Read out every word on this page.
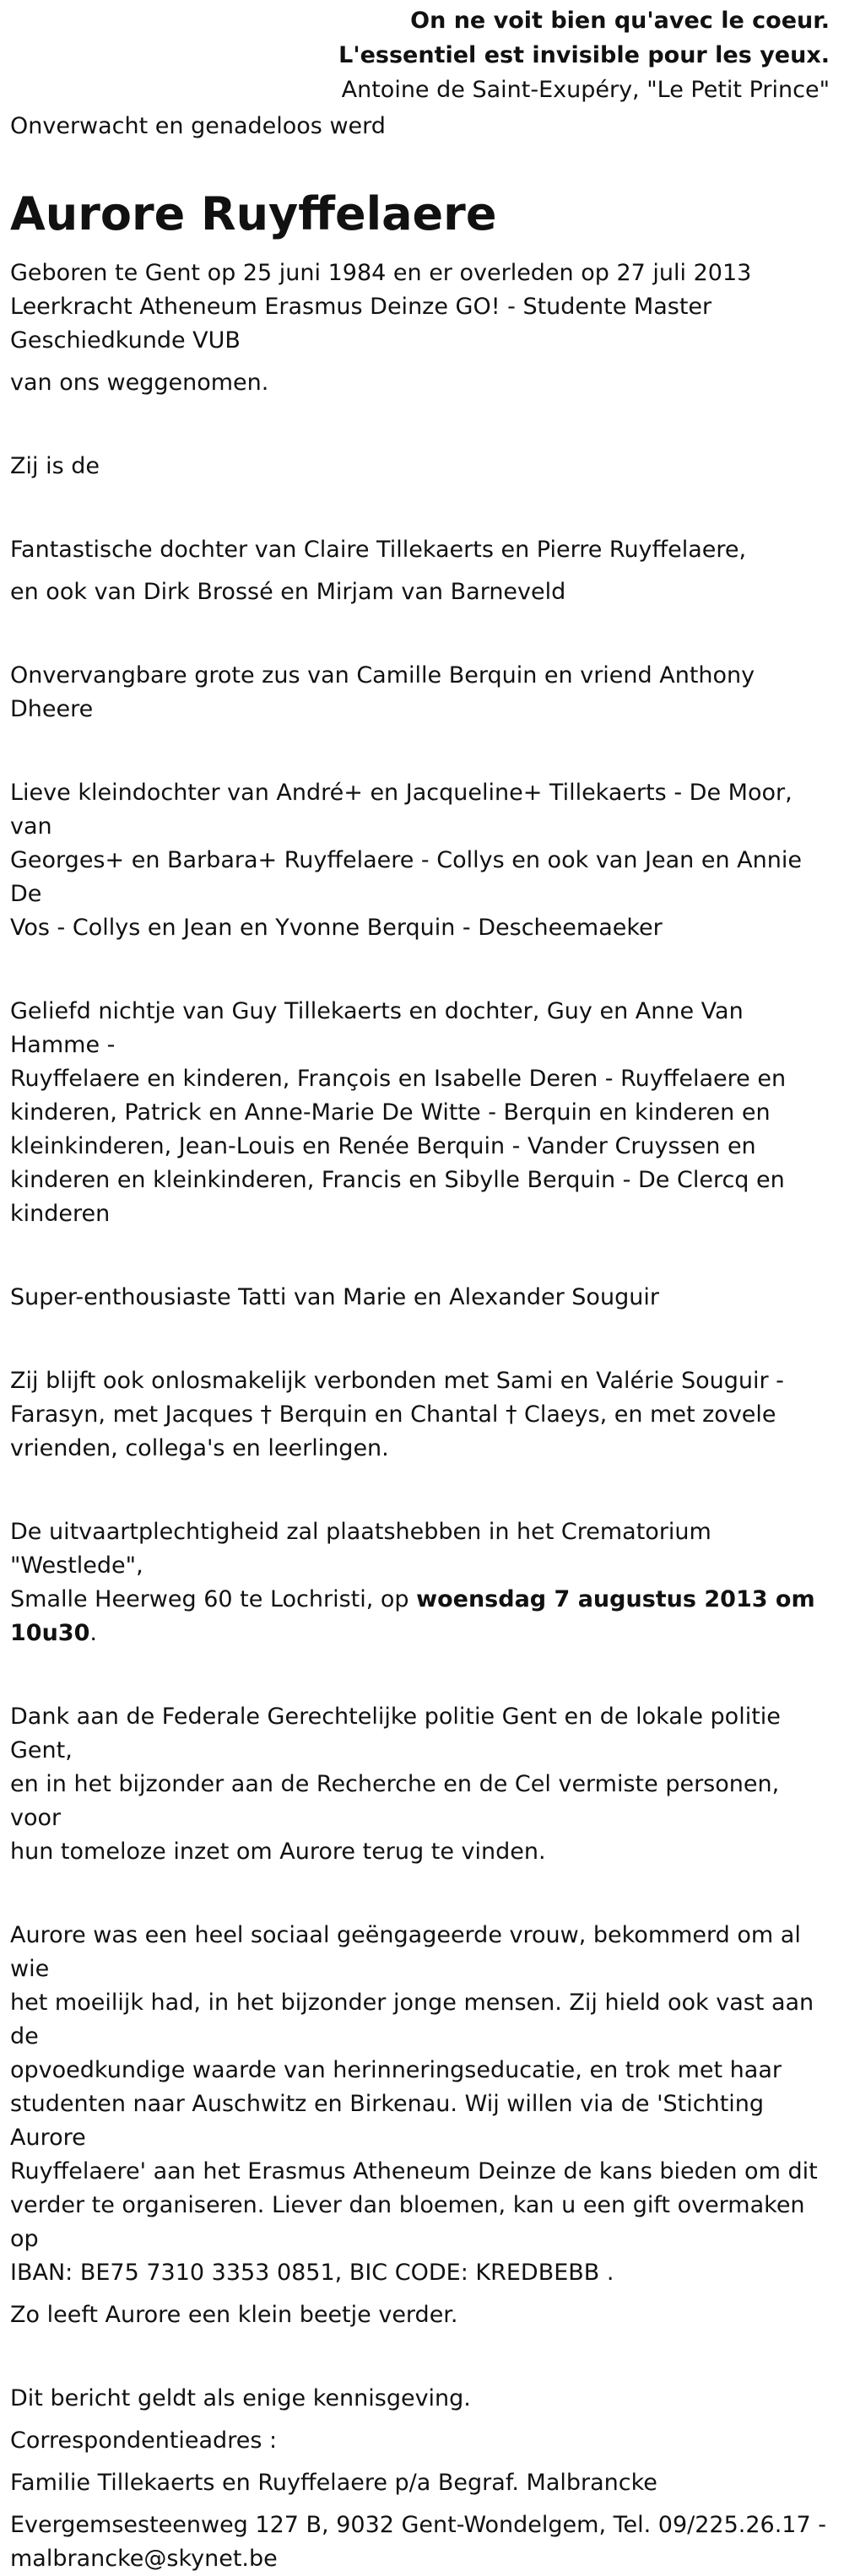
On ne voit bien qu'avec le coeur.
L'essentiel est invisible pour les yeux.
Antoine de Saint-Exupéry, "Le Petit Prince"
Onverwacht en genadeloos werd
Aurore Ruyffelaere

Geboren te Gent op 25 juni 1984 en er overleden op 27 juli 2013

Leerkracht Atheneum Erasmus Deinze GO! - Studente Master

Geschiedkunde VUB

van ons weggenomen.

Zij is de

Fantastische dochter van Claire Tillekaerts en Pierre Ruyffelaere,

en ook van Dirk Brossé en Mirjam van Barneveld

Onvervangbare grote zus van Camille Berquin en vriend Anthony Dheere

Lieve kleindochter van André+ en Jacqueline+ Tillekaerts - De Moor, van

Georges+ en Barbara+ Ruyffelaere - Collys en ook van Jean en Annie De

Vos - Collys en Jean en Yvonne Berquin - Descheemaeker

Geliefd nichtje van Guy Tillekaerts en dochter, Guy en Anne Van Hamme -

Ruyffelaere en kinderen, François en Isabelle Deren - Ruyffelaere en

kinderen, Patrick en Anne-Marie De Witte - Berquin en kinderen en

kleinkinderen, Jean-Louis en Renée Berquin - Vander Cruyssen en

kinderen en kleinkinderen, Francis en Sibylle Berquin - De Clercq en

kinderen

Super-enthousiaste Tatti van Marie en Alexander Souguir

Zij blijft ook onlosmakelijk verbonden met Sami en Valérie Souguir -

Farasyn, met Jacques † Berquin en Chantal † Claeys, en met zovele

vrienden, collega's en leerlingen.

De uitvaartplechtigheid zal plaatshebben in het Crematorium "Westlede",

Smalle Heerweg 60 te Lochristi, op woensdag 7 augustus 2013 om

10u30.

Dank aan de Federale Gerechtelijke politie Gent en de lokale politie Gent,

en in het bijzonder aan de Recherche en de Cel vermiste personen, voor

hun tomeloze inzet om Aurore terug te vinden.

Aurore was een heel sociaal geëngageerde vrouw, bekommerd om al wie

het moeilijk had, in het bijzonder jonge mensen. Zij hield ook vast aan de

opvoedkundige waarde van herinneringseducatie, en trok met haar

studenten naar Auschwitz en Birkenau. Wij willen via de 'Stichting Aurore

Ruyffelaere' aan het Erasmus Atheneum Deinze de kans bieden om dit

verder te organiseren. Liever dan bloemen, kan u een gift overmaken op

IBAN: BE75 7310 3353 0851, BIC CODE: KREDBEBB .

Zo leeft Aurore een klein beetje verder.

Dit bericht geldt als enige kennisgeving.

Correspondentieadres :

Familie Tillekaerts en Ruyffelaere p/a Begraf. Malbrancke

Evergemsesteenweg 127 B, 9032 Gent-Wondelgem, Tel. 09/225.26.17 -

malbrancke@skynet.be
